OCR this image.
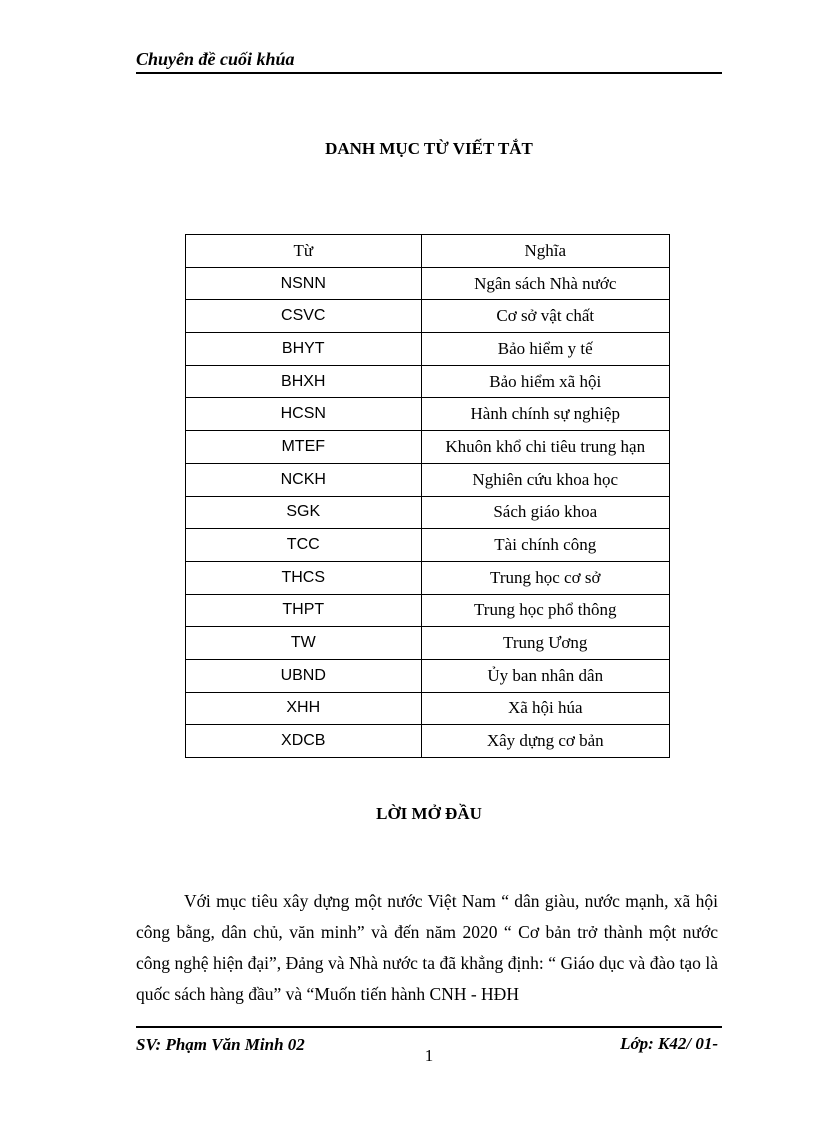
Chuyên đề cuối khúa
DANH MỤC TỪ VIẾT TẮT
Từ	Nghĩa
NSNN	Ngân sách Nhà nước
CSVC	Cơ sở vật chất
BHYT	Bảo hiểm y tế
BHXH	Bảo hiểm xã hội
HCSN	Hành chính sự nghiệp
MTEF	Khuôn khổ chi tiêu trung hạn
NCKH	Nghiên cứu khoa học
SGK	Sách giáo khoa
TCC	Tài chính công
THCS	Trung học cơ sở
THPT	Trung học phổ thông
TW	Trung Ương
UBND	Ủy ban nhân dân
XHH	Xã hội húa
XDCB	Xây dựng cơ bản
LỜI MỞ ĐẦU

Với mục tiêu xây dựng một nước Việt Nam “ dân giàu, nước mạnh, xã hội công bằng, dân chủ, văn minh” và đến năm 2020 “ Cơ bản trở thành một nước công nghệ hiện đại”, Đảng và Nhà nước ta đã khẳng định: “ Giáo dục và đào tạo là quốc sách hàng đầu” và “Muốn tiến hành CNH - HĐH

SV: Phạm Văn Minh 02
1
Lớp: K42/ 01-
